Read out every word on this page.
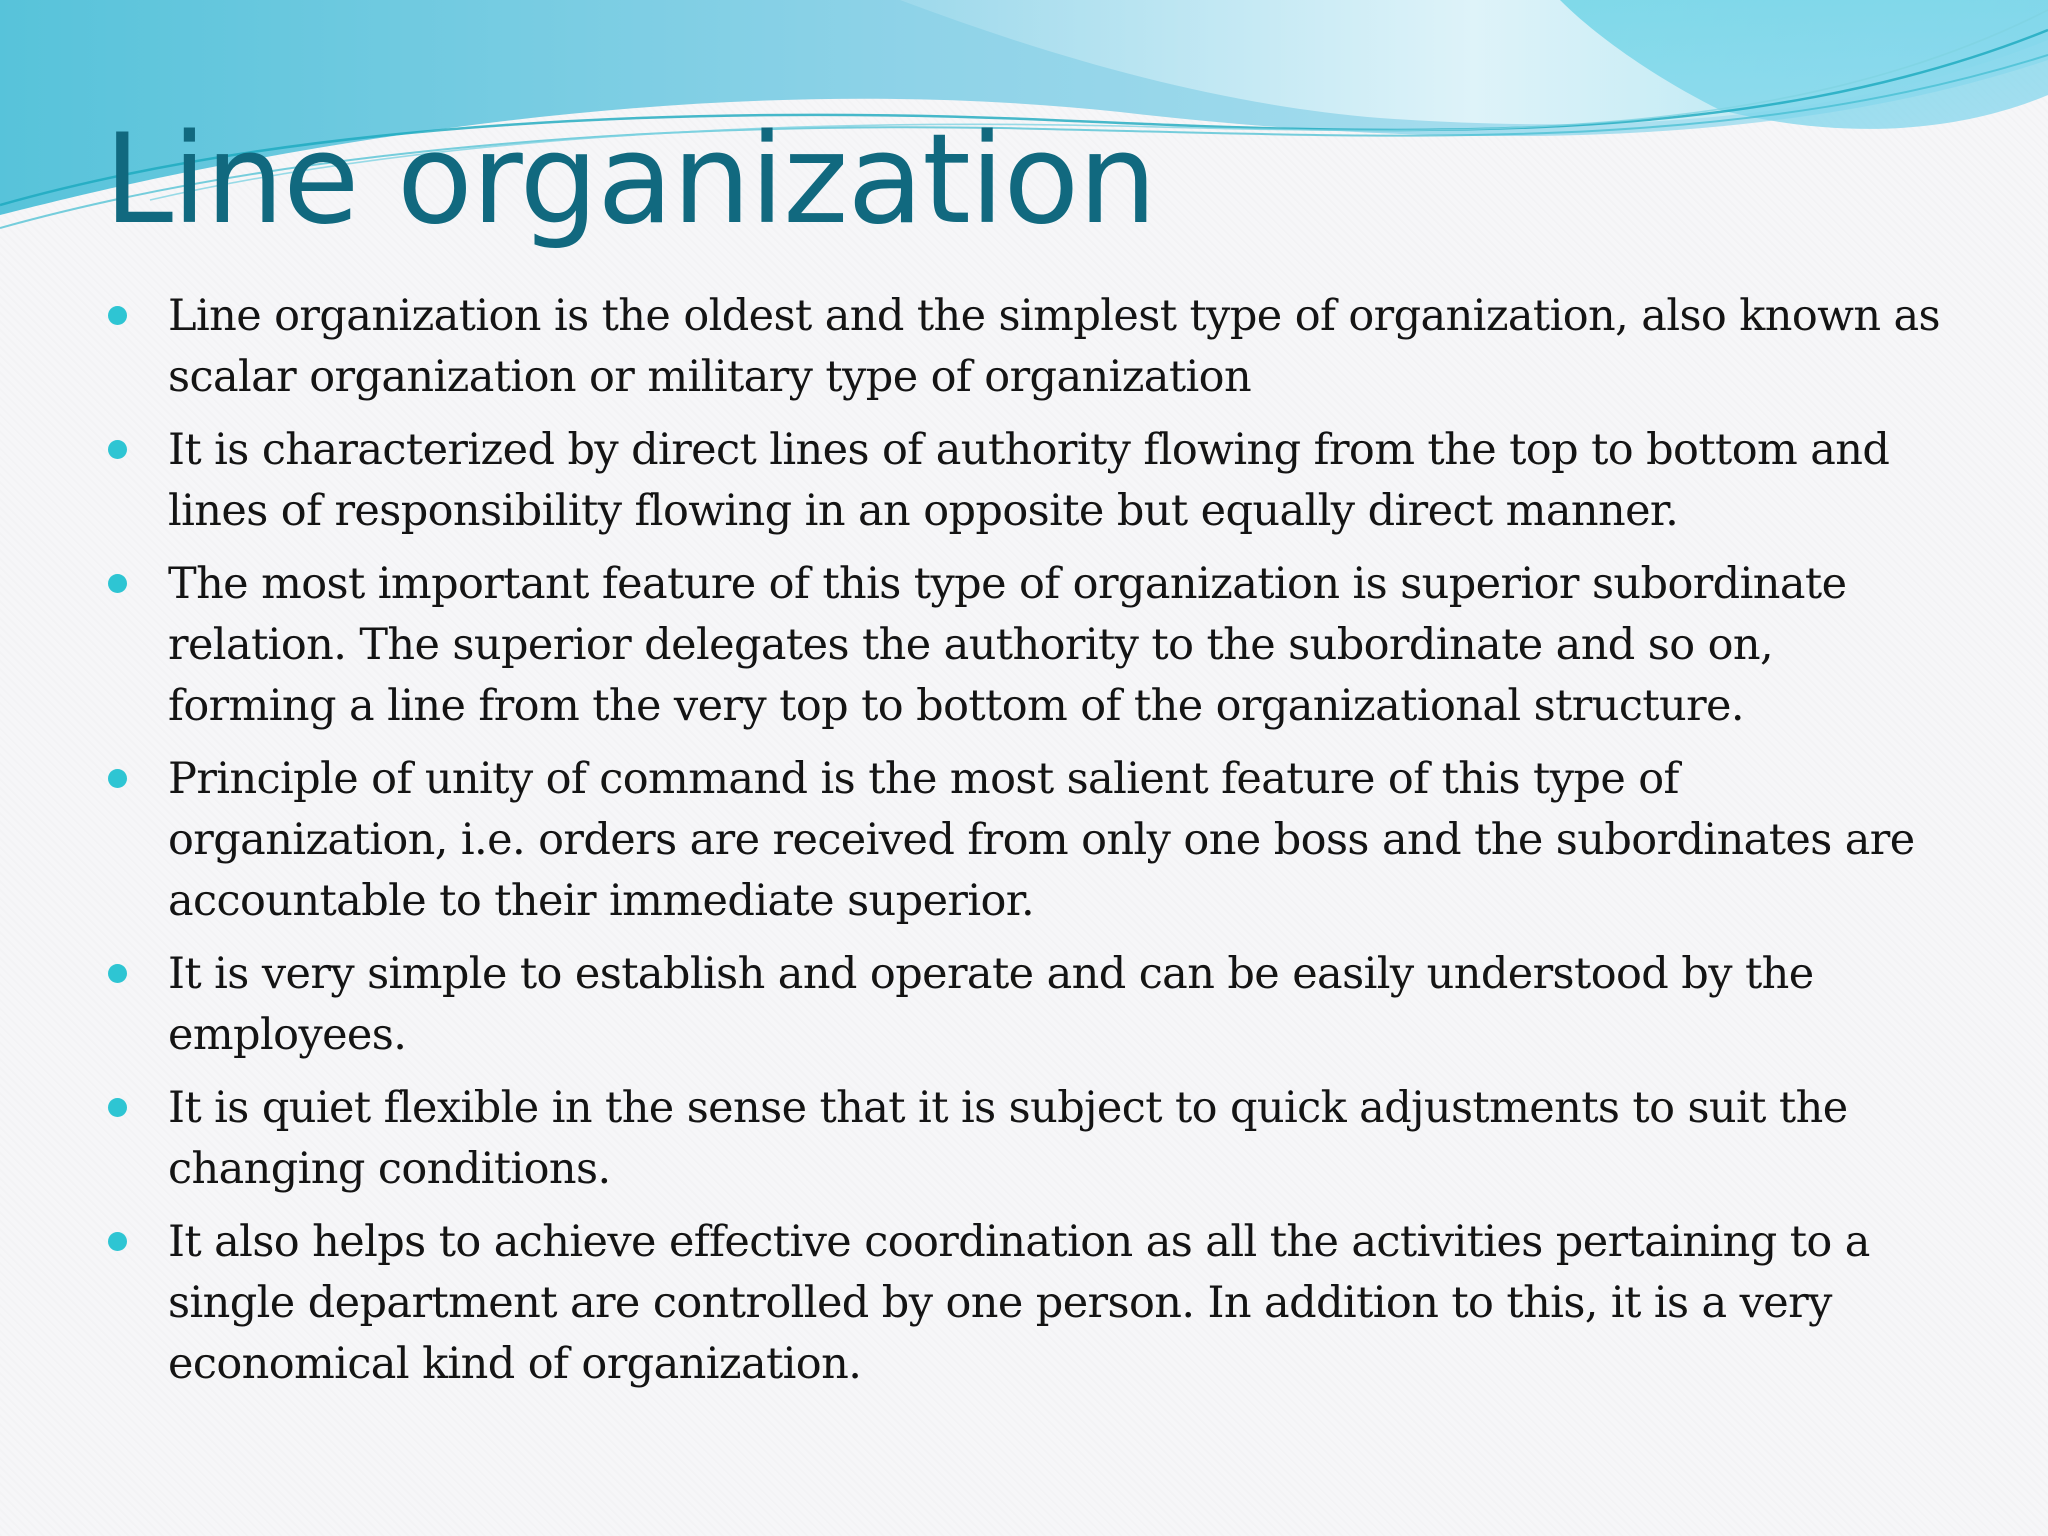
Line organization
Line organization is the oldest and the simplest type of organization, also known as scalar organization or military type of organization
It is characterized by direct lines of authority flowing from the top to bottom and lines of responsibility flowing in an opposite but equally direct manner.
The most important feature of this type of organization is superior subordinate relation. The superior delegates the authority to the subordinate and so on, forming a line from the very top to bottom of the organizational structure.
Principle of unity of command is the most salient feature of this type of organization, i.e. orders are received from only one boss and the subordinates are accountable to their immediate superior.
It is very simple to establish and operate and can be easily understood by the employees.
It is quiet flexible in the sense that it is subject to quick adjustments to suit the changing conditions.
It also helps to achieve effective coordination as all the activities pertaining to a single department are controlled by one person. In addition to this, it is a very economical kind of organization.
